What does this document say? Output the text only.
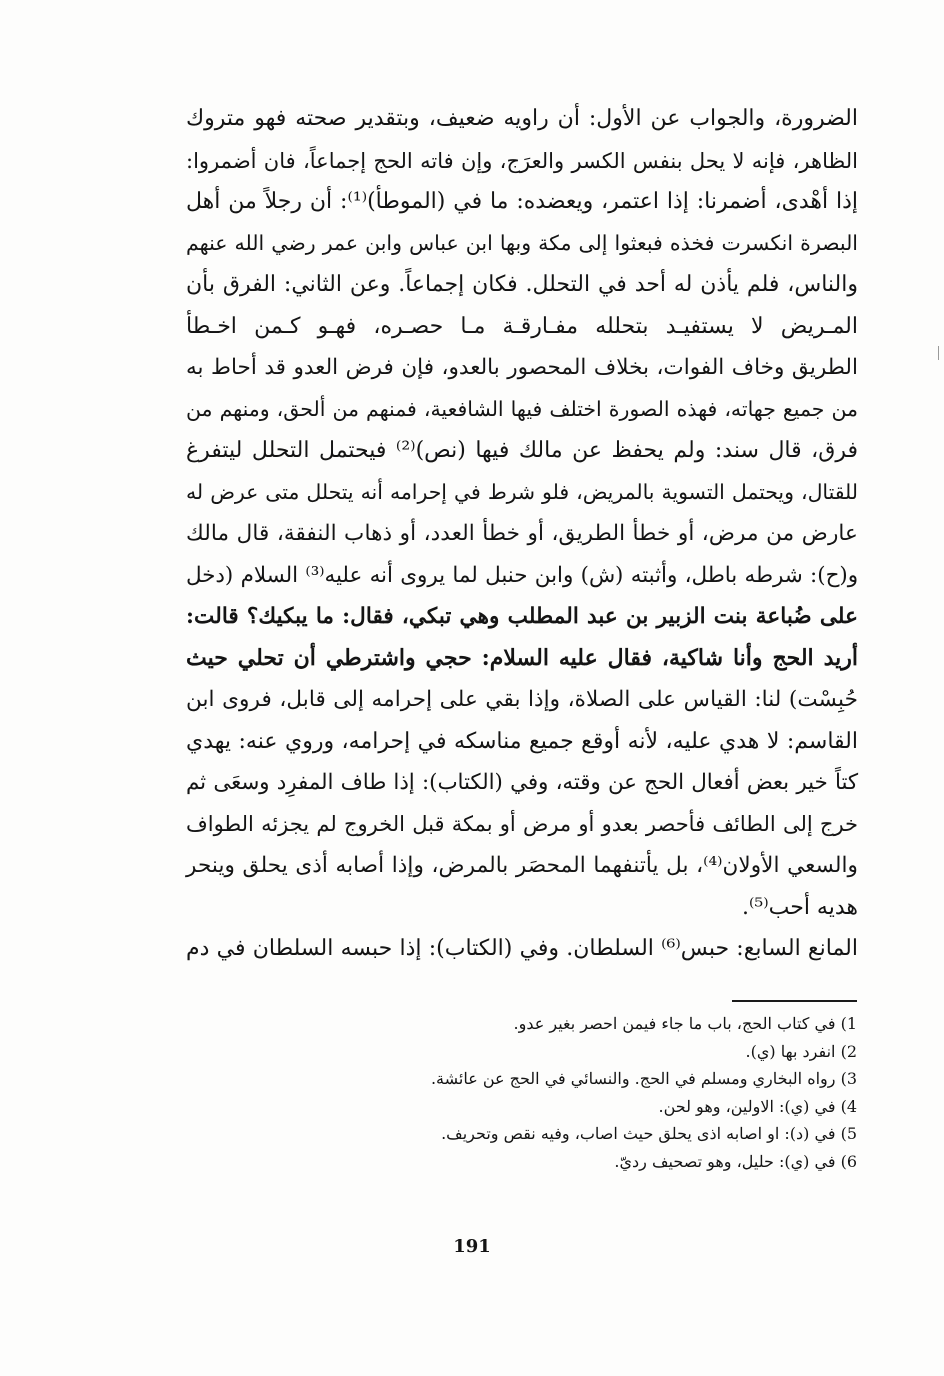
الضرورة، والجواب عن الأول: أن راويه ضعيف، وبتقدير صحته فهو متروك
الظاهر، فإنه لا يحل بنفس الكسر والعرَج، وإن فاته الحج إجماعاً، فان أضمروا:
إذا أهْدى، أضمرنا: إذا اعتمر، ويعضده: ما في (الموطأ)⁽¹⁾: أن رجلاً من أهل
البصرة انكسرت فخذه فبعثوا إلى مكة وبها ابن عباس وابن عمر رضي الله عنهم
والناس، فلم يأذن له أحد في التحلل. فكان إجماعاً. وعن الثاني: الفرق بأن
المـريض لا يستفيـد بتحلله مفـارقـة مـا حصـره، فهـو كـمن اخـطأ
الطريق وخاف الفوات، بخلاف المحصور بالعدو، فإن فرض العدو قد أحاط به
من جميع جهاته، فهذه الصورة اختلف فيها الشافعية، فمنهم من ألحق، ومنهم من
فرق، قال سند: ولم يحفظ عن مالك فيها (نص)⁽²⁾ فيحتمل التحلل ليتفرغ
للقتال، ويحتمل التسوية بالمريض، فلو شرط في إحرامه أنه يتحلل متى عرض له
عارض من مرض، أو خطأ الطريق، أو خطأ العدد، أو ذهاب النفقة، قال مالك
و(ح): شرطه باطل، وأثبته (ش) وابن حنبل لما يروى أنه عليه⁽³⁾ السلام (دخل
على ضُباعة بنت الزبير بن عبد المطلب وهي تبكي، فقال: ما يبكيك؟ قالت:
أريد الحج وأنا شاكية، فقال عليه السلام: حجي واشترطي أن تحلي حيث
حُبِسْت) لنا: القياس على الصلاة، وإذا بقي على إحرامه إلى قابل، فروى ابن
القاسم: لا هدي عليه، لأنه أوقع جميع مناسكه في إحرامه، وروي عنه: يهدي
كتاً خير بعض أفعال الحج عن وقته، وفي (الكتاب): إذا طاف المفرِد وسعَى ثم
خرج إلى الطائف فأحصر بعدو أو مرض أو بمكة قبل الخروج لم يجزئه الطواف
والسعي الأولان⁽⁴⁾، بل يأتنفهما المحصَر بالمرض، وإذا أصابه أذى يحلق وينحر
هديه أحب⁽⁵⁾.
المانع السابع: حبس⁽⁶⁾ السلطان. وفي (الكتاب): إذا حبسه السلطان في دم
1) في كتاب الحج، باب ما جاء فيمن احصر بغير عدو.
2) انفرد بها (ي).
3) رواه البخاري ومسلم في الحج. والنسائي في الحج عن عائشة.
4) في (ي): الاولين، وهو لحن.
5) في (د): او اصابه اذى يحلق حيث اصاب، وفيه نقص وتحريف.
6) في (ي): حليل، وهو تصحيف رديّ.
191
